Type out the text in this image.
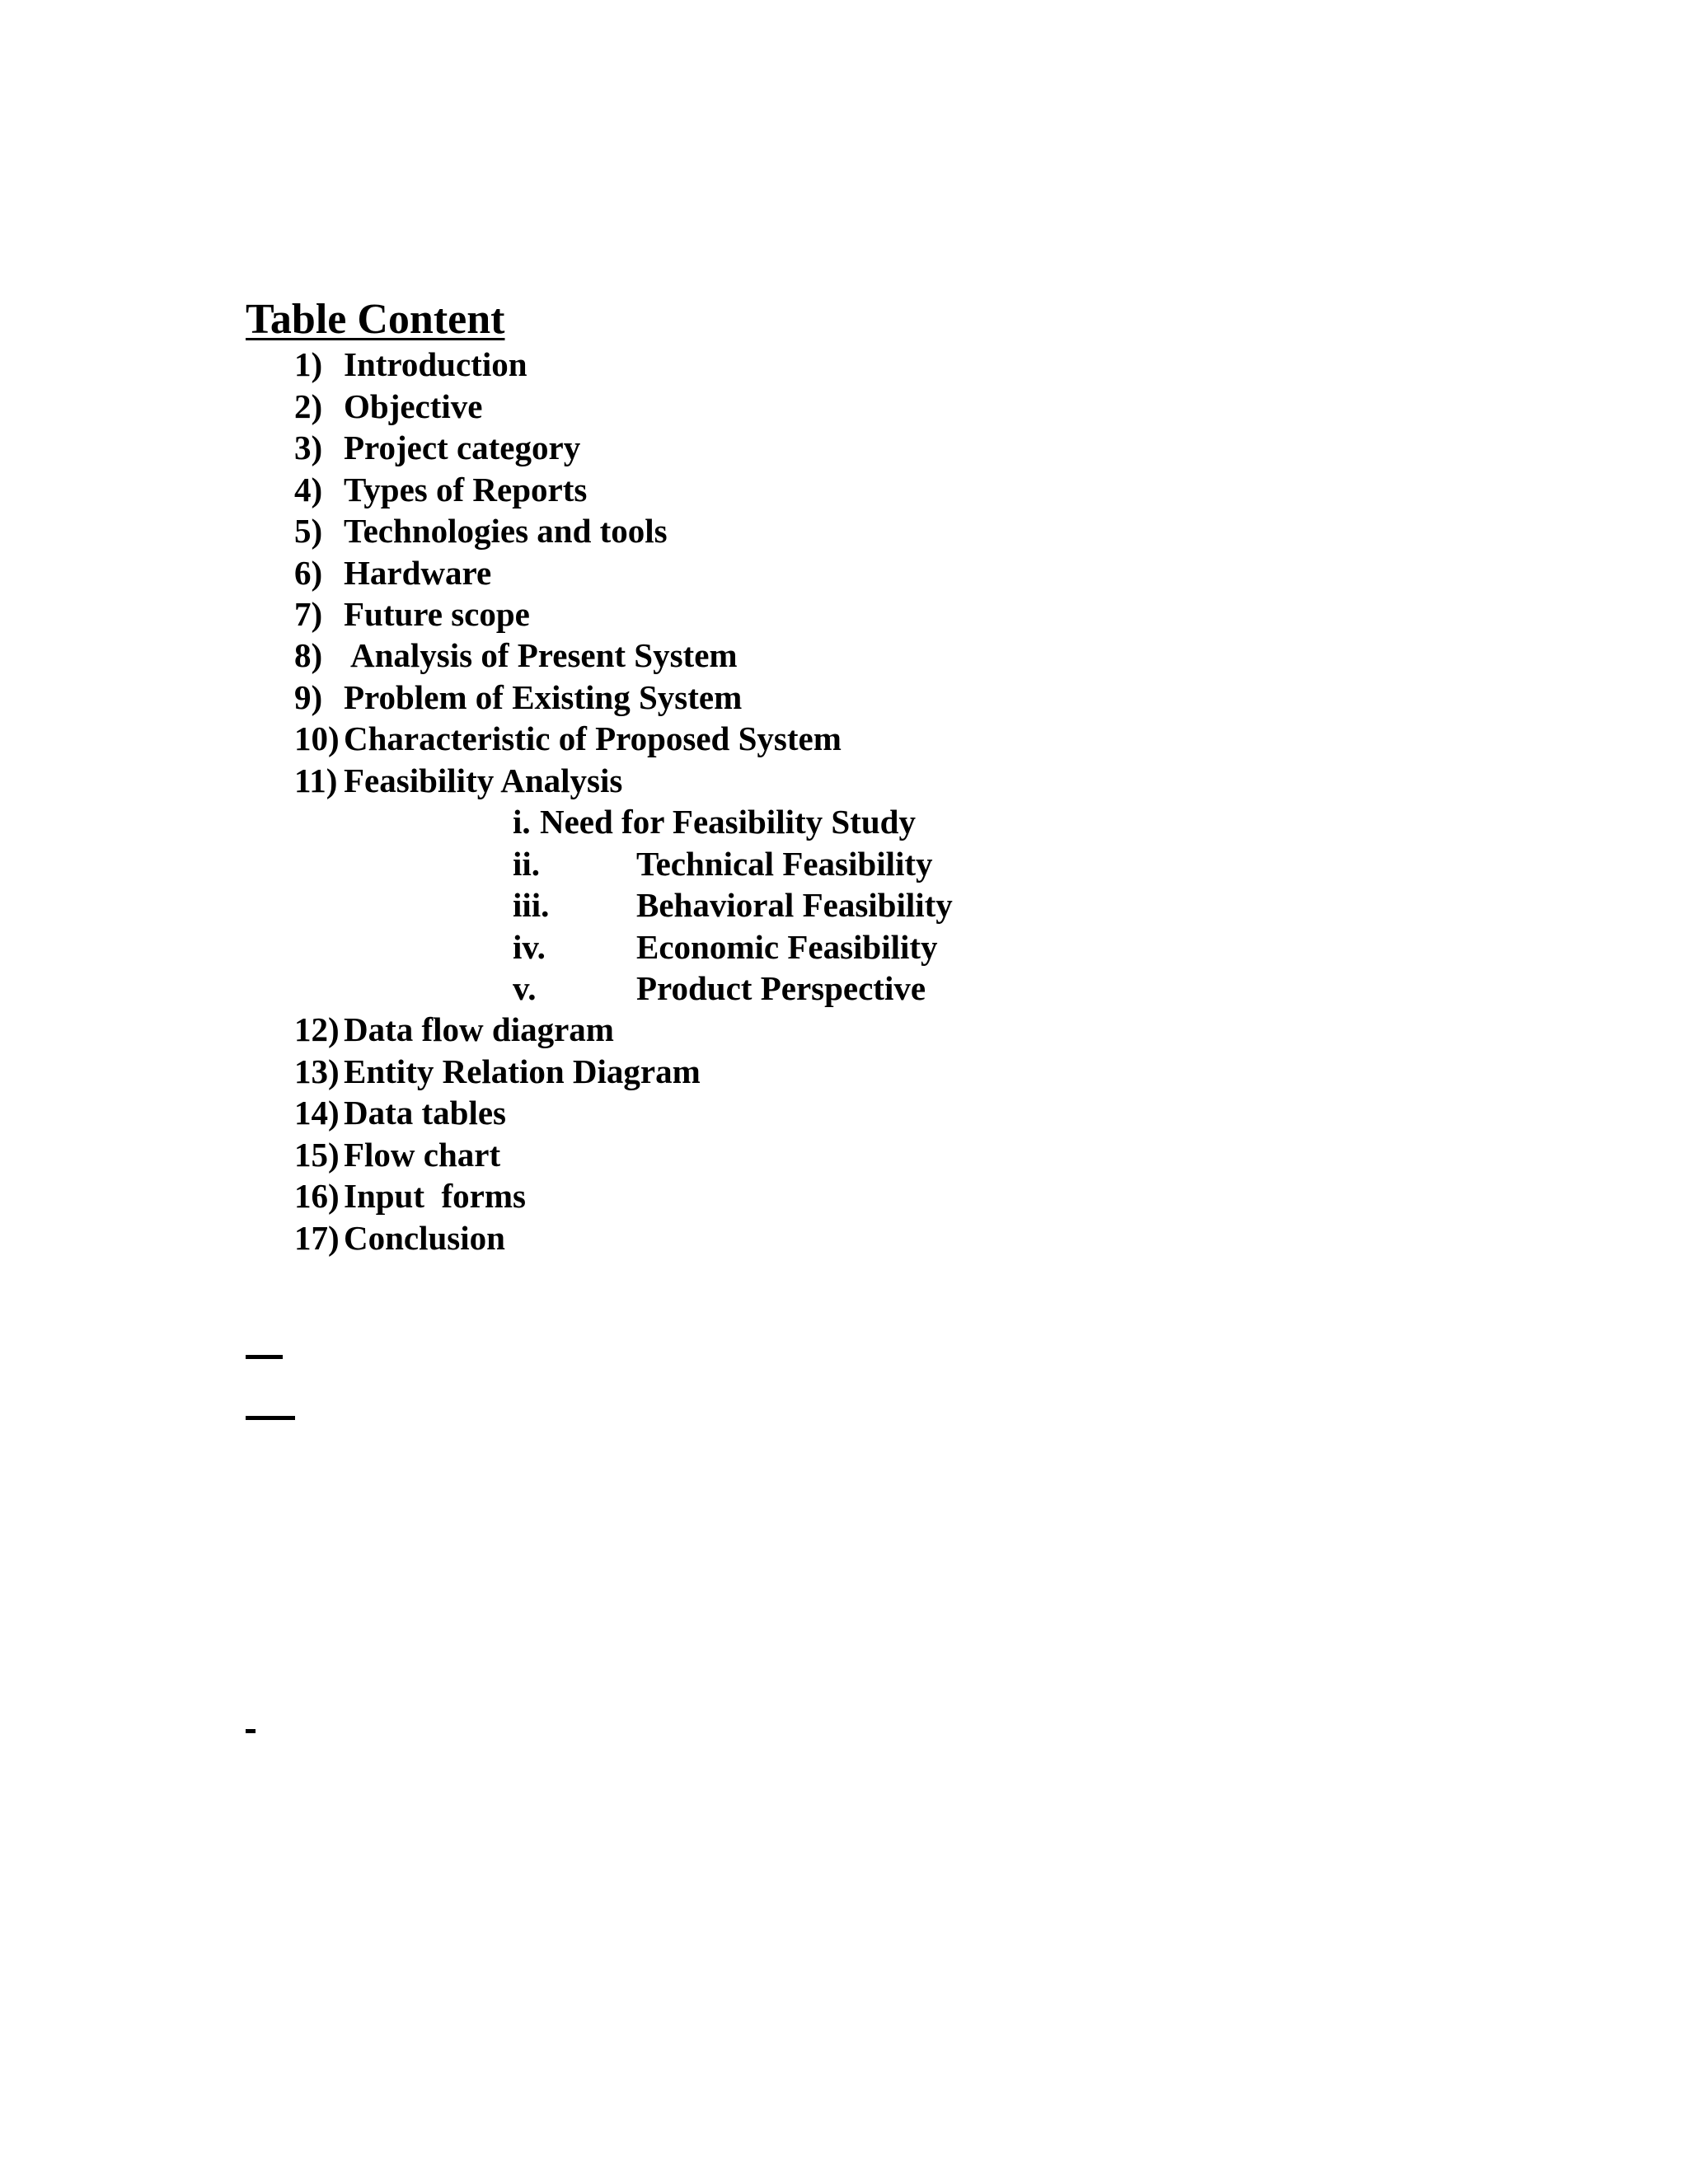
Table Content
1) Introduction
2) Objective
3) Project category
4) Types of Reports
5) Technologies and tools
6) Hardware
7) Future scope
8) Analysis of Present System
9) Problem of Existing System
10) Characteristic of Proposed System
11) Feasibility Analysis
i. Need for Feasibility Study
ii.	Technical Feasibility
iii.	Behavioral Feasibility
iv.	Economic Feasibility
v.	Product Perspective
12) Data flow diagram
13) Entity Relation Diagram
14) Data tables
15) Flow chart
16) Input  forms
17) Conclusion
